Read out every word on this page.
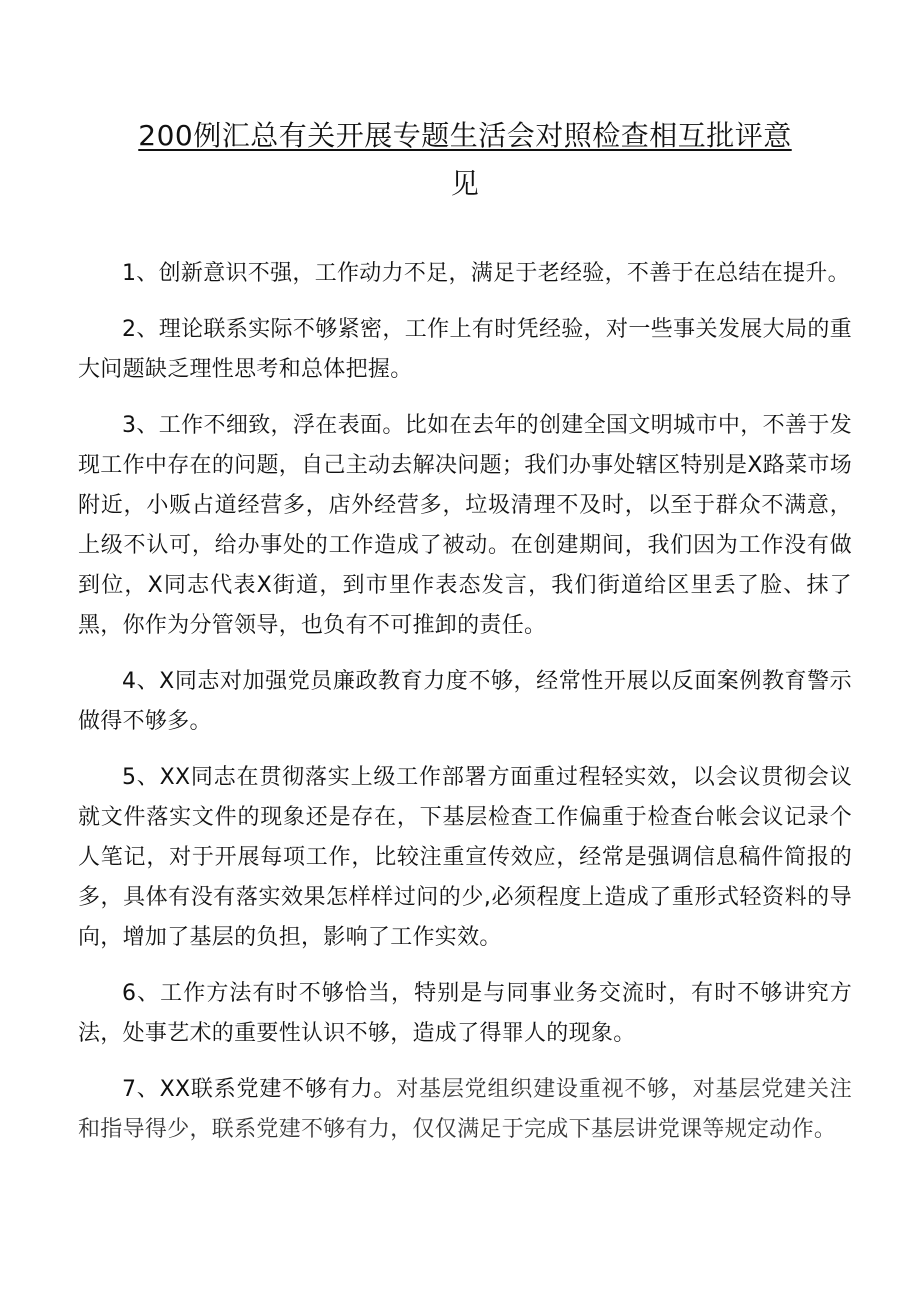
200例汇总有关开展专题生活会对照检查相互批评意
见

1、创新意识不强，工作动力不足，满足于老经验，不善于在总结在提升。

2、理论联系实际不够紧密，工作上有时凭经验，对一些事关发展大局的重大问题缺乏理性思考和总体把握。

3、工作不细致，浮在表面。比如在去年的创建全国文明城市中，不善于发现工作中存在的问题，自己主动去解决问题；我们办事处辖区特别是X路菜市场附近，小贩占道经营多，店外经营多，垃圾清理不及时，以至于群众不满意，上级不认可，给办事处的工作造成了被动。在创建期间，我们因为工作没有做到位，X同志代表X街道，到市里作表态发言，我们街道给区里丢了脸、抹了黑，你作为分管领导，也负有不可推卸的责任。

4、X同志对加强党员廉政教育力度不够，经常性开展以反面案例教育警示做得不够多。

5、XX同志在贯彻落实上级工作部署方面重过程轻实效，以会议贯彻会议就文件落实文件的现象还是存在，下基层检查工作偏重于检查台帐会议记录个人笔记，对于开展每项工作，比较注重宣传效应，经常是强调信息稿件简报的多，具体有没有落实效果怎样样过问的少,必须程度上造成了重形式轻资料的导向，增加了基层的负担，影响了工作实效。

6、工作方法有时不够恰当，特别是与同事业务交流时，有时不够讲究方法，处事艺术的重要性认识不够，造成了得罪人的现象。

7、XX联系党建不够有力。对基层党组织建设重视不够，对基层党建关注和指导得少，联系党建不够有力，仅仅满足于完成下基层讲党课等规定动作。
